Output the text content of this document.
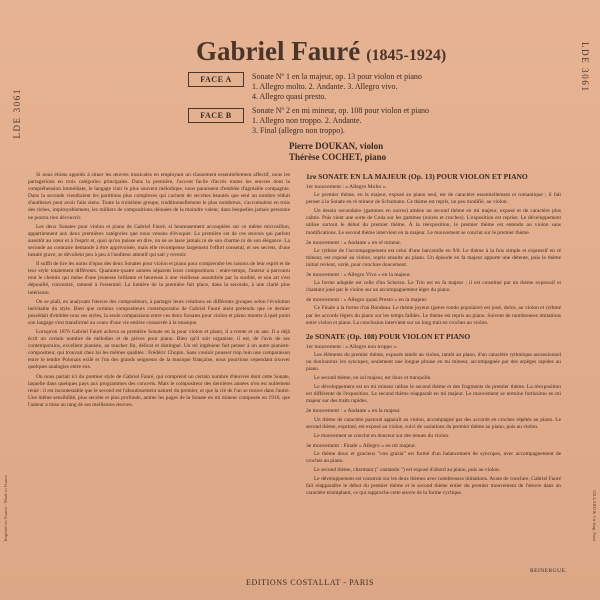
LDE 3061
LDE 3061
Imprimé en France - Made in France	GILLARD & Cie Imp. Paris
Gabriel Fauré (1845-1924)
FACE A	Sonate Nº 1 en la majeur, op. 13 pour violon et piano
1. Allegro molto. 2. Andante. 3. Allegro vivo.
4. Allegro quasi presto.
FACE B
Sonate Nº 2 en mi mineur, op. 108 pour violon et piano
1. Allegro non troppo. 2. Andante.
3. Final (allegro non troppo).
Pierre DOUKAN, violon
Thérèse COCHET, piano

Si nous étions appelés à situer les œuvres musicales en employant un classement essentiellement affectif, nous les partagerions en trois catégories principales. Dans la première, l'accent facile d'accès toutes les œuvres dont la compréhension immédiate, le langage clair le plus souvent mélodique, nous paraissent d'emblée d'agréable compagnie. Dans la seconde viendraient les partitions plus complexes qui cachent de secrètes beautés que seul un nombre réduit d'auditeurs peut avoir faits siens. Toute la troisième groupe, traditionnellement le plus nombreux, s'accumulent en trois des riches, impitoyablement, les milliers de compositions dénuées de la moindre valeur, dans lesquelles jamais personne ne pourra rien découvrir.

Les deux Sonates pour violon et piano de Gabriel Fauré, si heureusement accouplées sur ce même microsillon, appartiennent aux deux premières catégories que nous venons d'évoquer. La première est de ces œuvres qui parlent aussitôt au cœur et à l'esprit et, quoi qu'on puisse en dire, on ne se lasse jamais ni de son charme ni de son élégance. La seconde au contraire demande à être apprivoisée, mais elle récompense largement l'effort consenti, et ses secrets, d'une beauté grave, se dévoilent peu à peu à l'auditeur attentif qui sait y revenir.

Il suffit de lire les noms d'opus des deux Sonates pour violon et piano pour comprendre les raisons de leur esprit et de leur style totalement différents. Quarante-quatre années séparent leurs compositions : entre-temps, l'auteur a parcouru tout le chemin qui mène d'une jeunesse brillante et heureuse à une vieillesse assombrie par la surdité, et son art s'est dépouillé, concentré, ramené à l'essentiel. La lumière de la première fait place, dans la seconde, à une clarté plus intérieure.

On se plaît, en analysant l'œuvre des compositeurs, à partager leurs créations en différents groupes selon l'évolution inévitable du style. Bien que certains compositeurs contemporains de Gabriel Fauré aient prétendu que ce dernier possédait d'emblée tous ses styles, la seule comparaison entre ces deux Sonates pour violon et piano montre à quel point son langage s'est transformé au cours d'une vie entière consacrée à la musique.

Lorsqu'en 1876 Gabriel Fauré acheva sa première Sonate en la pour violon et piano, il a trente et un ans. Il a déjà écrit un certain nombre de mélodies et de pièces pour piano. Bien qu'il soit organiste, il est, de l'avis de ses contemporains, excellent pianiste, au toucher fin, délicat et distingué. Un tel ingénieur fait penser à un autre pianiste-compositeur, qui trouvait chez lui les mêmes qualités : Frédéric Chopin. Sans vouloir pousser trop loin une comparaison entre le tendre Polonais exilé et l'un des grands seigneurs de la musique française, nous pourrions cependant trouver quelques analogies entre eux.

On nous parlait ici du premier style de Gabriel Fauré, qui comprend un certain nombre d'œuvres dont cette Sonate, laquelle dans quelques pays aux programmes des concerts. Mais le compositeur des dernières années n'en est nullement renié : il est incontestable que le second est l'aboutissement naturel du premier, et que la clé de l'un se trouve dans l'autre. Une même sensibilité, plus secrète et plus profonde, anime les pages de la Sonate en mi mineur composée en 1916, que l'auteur a mise au rang de ses meilleures œuvres.

1re SONATE EN LA MAJEUR (Op. 13) POUR VIOLON ET PIANO
1er mouvement : « Allegro Molto ».

Le premier thème, en la majeur, exposé au piano seul, est de caractère essentiellement et romantique ; il fait penser à la Sonate en ré mineur de Schumann. Ce thème est repris, un peu modifié, au violon.

Un dessin secondaire (gammes en noires) amène un second thème en mi majeur, exposé et de caractère plus calme. Puis vient une sorte de Coda sur les gammes (noires et croches). L'exposition est reprise. Le développement utilise surtout le début du premier thème. À la réexposition, le premier thème est entendu au violon sans modifications. Le second thème intervient en la majeur. Le mouvement se conclut sur le premier thème.

2e mouvement : « Andante » en ré mineur.

Le rythme de l'accompagnement est celui d'une barcarolle en 9/8. Le thème à la fois simple et expressif en ré mineur, est exposé au violon, repris ensuite au piano. Un épisode en fa majeur apporte une détente, puis le thème initial revient, varié, pour conclure doucement.

3e mouvement : « Allegro Vivo » en la majeur.

La forme adoptée est celle d'un Scherzo. Le Trio est en fa majeur ; il est constitué par un thème expressif et chantant joué par le violon sur un accompagnement léger du piano.

4e mouvement : « Allegro quasi Presto » en la majeur.

Ce Finale a la forme d'un Rondeau. Le thème joyeux (genre rondo populaire) est joué, dolce, au violon et rythmé par les accords légers du piano sur les temps faibles. Le thème est repris au piano. Suivent de nombreuses imitations entre violon et piano. La conclusion intervient sur un long trait en croches au violon.

2e SONATE (Op. 108) POUR VIOLON ET PIANO
1er mouvement : « Allegro non troppo ».

Les éléments du premier thème, exposés tantôt au violon, tantôt au piano, d'un caractère rythmique ascensionnel ou douloureux les syncopes, seulement une longue phrase en mi mineur, accompagnée par des arpèges rapides au piano.

Le second thème, en sol majeur, est doux et tranquille.

Le développement est en mi mineur utilise le second thème et des fragments du premier thème. La réexposition est différente de l'exposition. Le second thème réapparaît en mi majeur. Le mouvement se termine fortissimo en mi majeur sur des traits rapides.

2e mouvement : « Andante » en la majeur.

Un thème de caractère pastoral apparaît au violon, accompagné par des accords en croches répétés au piano. Le second thème, exprimé, est exposé au violon, suivi de variations du premier thème au piano, puis au violon.

Le mouvement se conclut en douceur sur des tenues du violon.

3e mouvement : Finale « Allegro » en mi majeur.

Le thème doux et gracieux "con grazia" est formé d'un balancement de syncopes, avec accompagnement de croches au piano.

Le second thème, charmant (" cantando ") est exposé d'abord au piano, puis au violon.

Le développement est construit sur les deux thèmes avec nombreuses imitations. Avant de conclure, Gabriel Fauré fait réapparaître le début du premier thème et le second thème entier du premier mouvement de l'œuvre dans un caractère triomphant, ce qui rapproche cette œuvre de la forme cyclique.

REINERGUE.
EDITIONS COSTALLAT - PARIS
